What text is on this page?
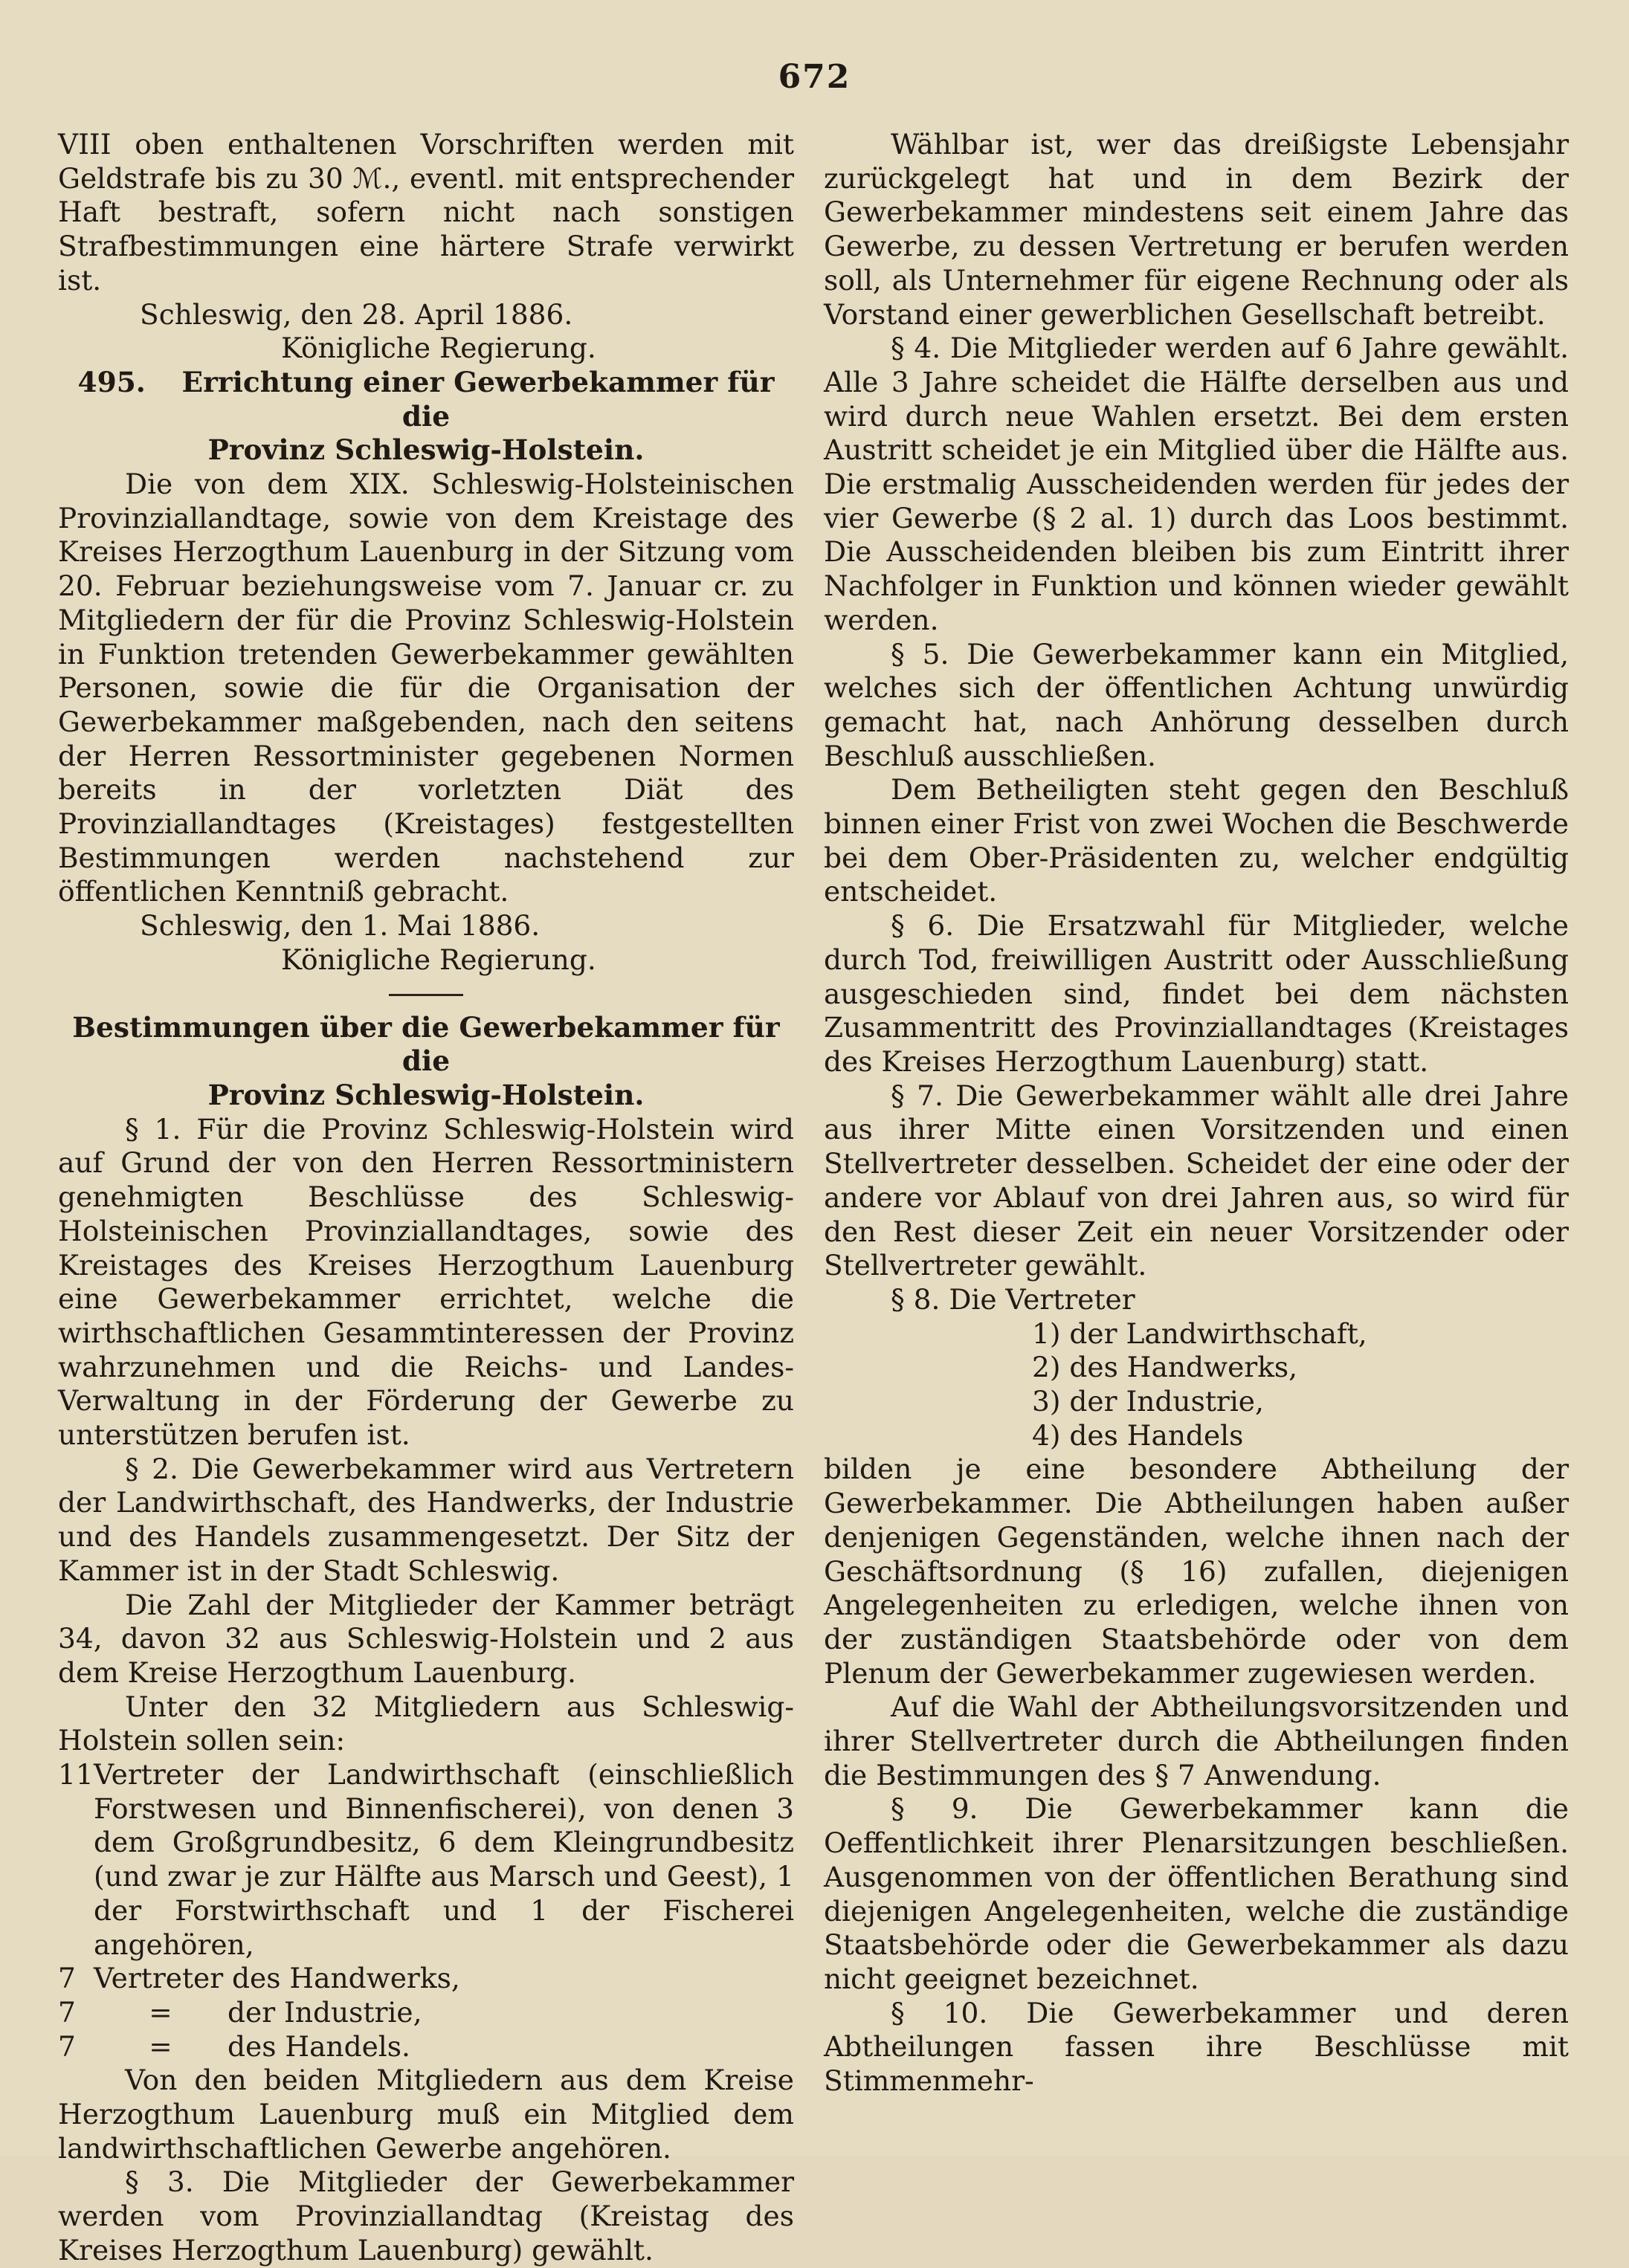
672

VIII oben enthaltenen Vorschriften werden mit Geldstrafe bis zu 30 ℳ., eventl. mit entsprechender Haft bestraft, sofern nicht nach sonstigen Strafbestimmungen eine härtere Strafe verwirkt ist.

Schleswig, den 28. April 1886.

Königliche Regierung.

495. Errichtung einer Gewerbekammer für die

Provinz Schleswig-Holstein.

Die von dem XIX. Schleswig-Holsteinischen Provinziallandtage, sowie von dem Kreistage des Kreises Herzogthum Lauenburg in der Sitzung vom 20. Februar beziehungsweise vom 7. Januar cr. zu Mitgliedern der für die Provinz Schleswig-Holstein in Funktion tretenden Gewerbekammer gewählten Personen, sowie die für die Organisation der Gewerbekammer maßgebenden, nach den seitens der Herren Ressortminister gegebenen Normen bereits in der vorletzten Diät des Provinziallandtages (Kreistages) festgestellten Bestimmungen werden nachstehend zur öffentlichen Kenntniß gebracht.

Schleswig, den 1. Mai 1886.

Königliche Regierung.

Bestimmungen über die Gewerbekammer für die

Provinz Schleswig-Holstein.

§ 1. Für die Provinz Schleswig-Holstein wird auf Grund der von den Herren Ressortministern genehmigten Beschlüsse des Schleswig-Holsteinischen Provinziallandtages, sowie des Kreistages des Kreises Herzogthum Lauenburg eine Gewerbekammer errichtet, welche die wirthschaftlichen Gesammtinteressen der Provinz wahrzunehmen und die Reichs- und Landes-Verwaltung in der Förderung der Gewerbe zu unterstützen berufen ist.

§ 2. Die Gewerbekammer wird aus Vertretern der Landwirthschaft, des Handwerks, der Industrie und des Handels zusammengesetzt. Der Sitz der Kammer ist in der Stadt Schleswig.

Die Zahl der Mitglieder der Kammer beträgt 34, davon 32 aus Schleswig-Holstein und 2 aus dem Kreise Herzogthum Lauenburg.

Unter den 32 Mitgliedern aus Schleswig-Holstein sollen sein:

11Vertreter der Landwirthschaft (einschließlich Forstwesen und Binnenfischerei), von denen 3 dem Großgrundbesitz, 6 dem Kleingrundbesitz (und zwar je zur Hälfte aus Marsch und Geest), 1 der Forstwirthschaft und 1 der Fischerei angehören,

7 Vertreter des Handwerks,
7	=	der Industrie,
7	=	des Handels.

Von den beiden Mitgliedern aus dem Kreise Herzogthum Lauenburg muß ein Mitglied dem landwirthschaftlichen Gewerbe angehören.

§ 3. Die Mitglieder der Gewerbekammer werden vom Provinziallandtag (Kreistag des Kreises Herzogthum Lauenburg) gewählt.

Wählbar ist, wer das dreißigste Lebensjahr zurückgelegt hat und in dem Bezirk der Gewerbekammer mindestens seit einem Jahre das Gewerbe, zu dessen Vertretung er berufen werden soll, als Unternehmer für eigene Rechnung oder als Vorstand einer gewerblichen Gesellschaft betreibt.

§ 4. Die Mitglieder werden auf 6 Jahre gewählt. Alle 3 Jahre scheidet die Hälfte derselben aus und wird durch neue Wahlen ersetzt. Bei dem ersten Austritt scheidet je ein Mitglied über die Hälfte aus. Die erstmalig Ausscheidenden werden für jedes der vier Gewerbe (§ 2 al. 1) durch das Loos bestimmt. Die Ausscheidenden bleiben bis zum Eintritt ihrer Nachfolger in Funktion und können wieder gewählt werden.

§ 5. Die Gewerbekammer kann ein Mitglied, welches sich der öffentlichen Achtung unwürdig gemacht hat, nach Anhörung desselben durch Beschluß ausschließen.

Dem Betheiligten steht gegen den Beschluß binnen einer Frist von zwei Wochen die Beschwerde bei dem Ober-Präsidenten zu, welcher endgültig entscheidet.

§ 6. Die Ersatzwahl für Mitglieder, welche durch Tod, freiwilligen Austritt oder Ausschließung ausgeschieden sind, findet bei dem nächsten Zusammentritt des Provinziallandtages (Kreistages des Kreises Herzogthum Lauenburg) statt.

§ 7. Die Gewerbekammer wählt alle drei Jahre aus ihrer Mitte einen Vorsitzenden und einen Stellvertreter desselben. Scheidet der eine oder der andere vor Ablauf von drei Jahren aus, so wird für den Rest dieser Zeit ein neuer Vorsitzender oder Stellvertreter gewählt.

§ 8. Die Vertreter

1) der Landwirthschaft,

2) des Handwerks,

3) der Industrie,

4) des Handels

bilden je eine besondere Abtheilung der Gewerbekammer. Die Abtheilungen haben außer denjenigen Gegenständen, welche ihnen nach der Geschäftsordnung (§ 16) zufallen, diejenigen Angelegenheiten zu erledigen, welche ihnen von der zuständigen Staatsbehörde oder von dem Plenum der Gewerbekammer zugewiesen werden.

Auf die Wahl der Abtheilungsvorsitzenden und ihrer Stellvertreter durch die Abtheilungen finden die Bestimmungen des § 7 Anwendung.

§ 9. Die Gewerbekammer kann die Oeffentlichkeit ihrer Plenarsitzungen beschließen. Ausgenommen von der öffentlichen Berathung sind diejenigen Angelegenheiten, welche die zuständige Staatsbehörde oder die Gewerbekammer als dazu nicht geeignet bezeichnet.

§ 10. Die Gewerbekammer und deren Abtheilungen fassen ihre Beschlüsse mit Stimmenmehr-
